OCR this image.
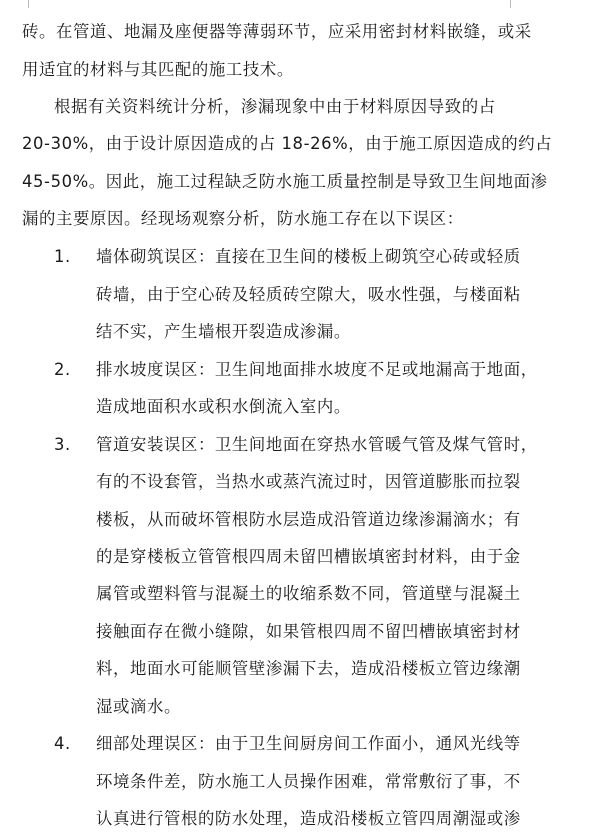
砖。在管道、地漏及座便器等薄弱环节，应采用密封材料嵌缝，或采
用适宜的材料与其匹配的施工技术。
根据有关资料统计分析，渗漏现象中由于材料原因导致的占
20-30%，由于设计原因造成的占 18-26%，由于施工原因造成的约占
45-50%。因此，施工过程缺乏防水施工质量控制是导致卫生间地面渗
漏的主要原因。经现场观察分析，防水施工存在以下误区：
1. 墙体砌筑误区：直接在卫生间的楼板上砌筑空心砖或轻质
砖墙，由于空心砖及轻质砖空隙大，吸水性强，与楼面粘
结不实，产生墙根开裂造成渗漏。
2. 排水坡度误区：卫生间地面排水坡度不足或地漏高于地面，
造成地面积水或积水倒流入室内。
3. 管道安装误区：卫生间地面在穿热水管暖气管及煤气管时，
有的不设套管，当热水或蒸汽流过时，因管道膨胀而拉裂
楼板，从而破坏管根防水层造成沿管道边缘渗漏滴水；有
的是穿楼板立管管根四周未留凹槽嵌填密封材料，由于金
属管或塑料管与混凝土的收缩系数不同，管道壁与混凝土
接触面存在微小缝隙，如果管根四周不留凹槽嵌填密封材
料，地面水可能顺管壁渗漏下去，造成沿楼板立管边缘潮
湿或滴水。
4. 细部处理误区：由于卫生间厨房间工作面小，通风光线等
环境条件差，防水施工人员操作困难，常常敷衍了事，不
认真进行管根的防水处理，造成沿楼板立管四周潮湿或渗
